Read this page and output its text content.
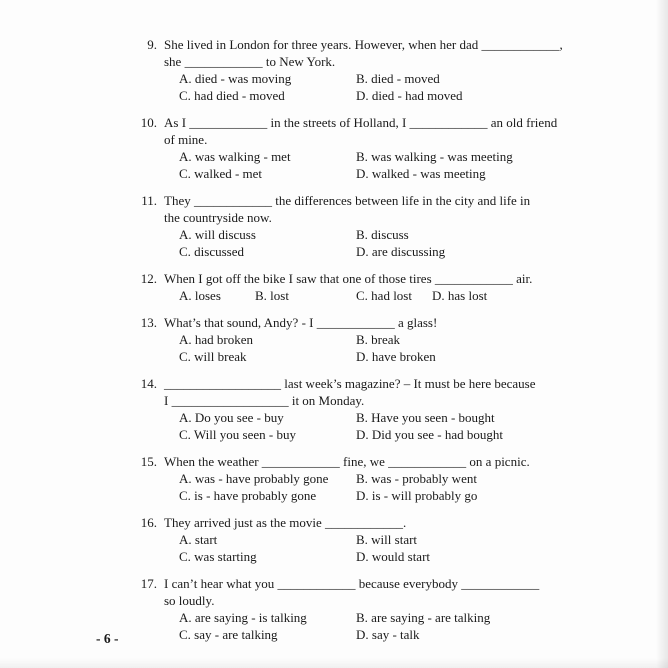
9. She lived in London for three years. However, when her dad ____________,
she ____________ to New York.
A. died - was moving	B. died - moved
C. had died - moved	D. died - had moved
10. As I ____________ in the streets of Holland, I ____________ an old friend
of mine.
A. was walking - met	B. was walking - was meeting
C. walked - met	D. walked - was meeting
11. They ____________ the differences between life in the city and life in
the countryside now.
A. will discuss	B. discuss
C. discussed	D. are discussing
12. When I got off the bike I saw that one of those tires ____________ air.
A. loses	B. lost	C. had lost	D. has lost
13. What’s that sound, Andy? - I ____________ a glass!
A. had broken	B. break
C. will break	D. have broken
14. __________________ last week’s magazine? – It must be here because
I __________________ it on Monday.
A. Do you see - buy	B. Have you seen - bought
C. Will you seen - buy	D. Did you see - had bought
15. When the weather ____________ fine, we ____________ on a picnic.
A. was - have probably gone	B. was - probably went
C. is - have probably gone	D. is - will probably go
16. They arrived just as the movie ____________.
A. start	B. will start
C. was starting	D. would start
17. I can’t hear what you ____________ because everybody ____________
so loudly.
A. are saying - is talking	B. are saying - are talking
C. say - are talking	D. say - talk
- 6 -
